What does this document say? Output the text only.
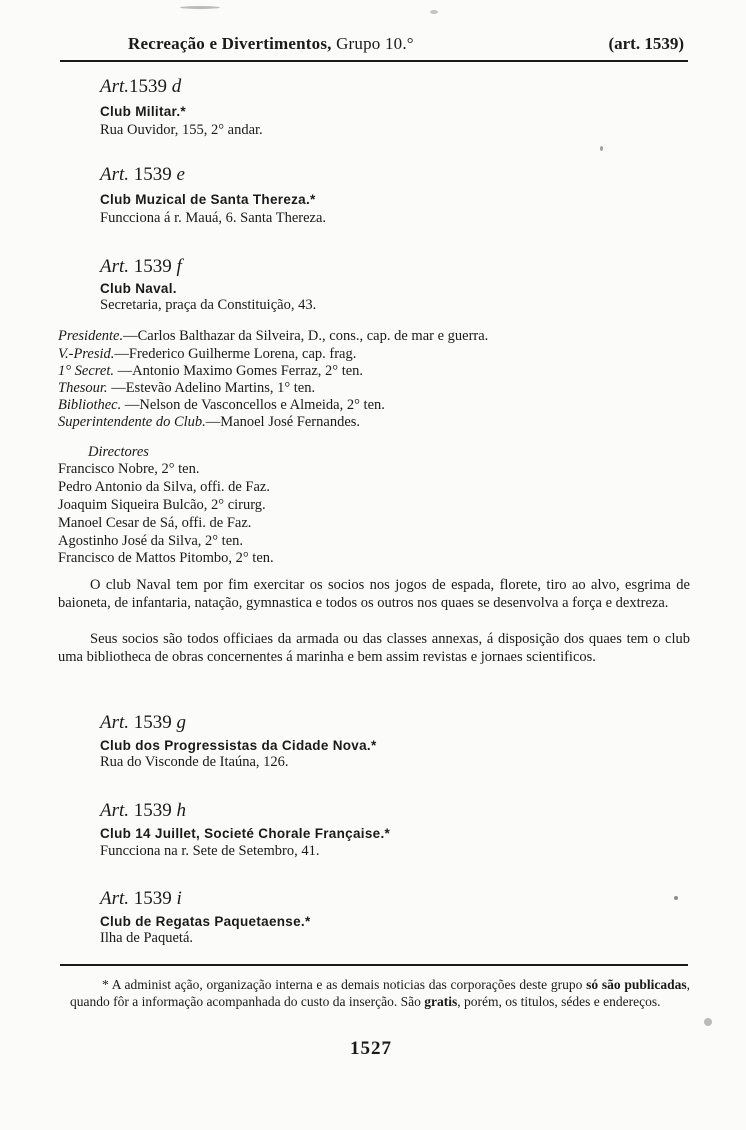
Recreação e Divertimentos, Grupo 10.°	(art. 1539)
Art.1539 d
Club Militar.*
Rua Ouvidor, 155, 2° andar.
Art. 1539 e
Club Muzical de Santa Thereza.*
Funcciona á r. Mauá, 6. Santa Thereza.
Art. 1539 f
Club Naval.
Secretaria, praça da Constituição, 43.
Presidente.—Carlos Balthazar da Silveira, D., cons., cap. de mar e guerra.
V.-Presid.—Frederico Guilherme Lorena, cap. frag.
1° Secret. —Antonio Maximo Gomes Ferraz, 2° ten.
Thesour. —Estevão Adelino Martins, 1° ten.
Bibliothec. —Nelson de Vasconcellos e Almeida, 2° ten.
Superintendente do Club.—Manoel José Fernandes.
Directores
Francisco Nobre, 2° ten.
Pedro Antonio da Silva, offi. de Faz.
Joaquim Siqueira Bulcão, 2° cirurg.
Manoel Cesar de Sá, offi. de Faz.
Agostinho José da Silva, 2° ten.
Francisco de Mattos Pitombo, 2° ten.
O club Naval tem por fim exercitar os socios nos jogos de espada, florete, tiro ao alvo, esgrima de baioneta, de infantaria, natação, gymnastica e todos os outros nos quaes se desenvolva a força e dextreza.
Seus socios são todos officiaes da armada ou das classes annexas, á disposição dos quaes tem o club uma bibliotheca de obras concernentes á marinha e bem assim revistas e jornaes scientificos.
Art. 1539 g
Club dos Progressistas da Cidade Nova.*
Rua do Visconde de Itaúna, 126.
Art. 1539 h
Club 14 Juillet, Societé Chorale Française.*
Funcciona na r. Sete de Setembro, 41.
Art. 1539 i
Club de Regatas Paquetaense.*
Ilha de Paquetá.
* A administ ação, organização interna e as demais noticias das corporações deste grupo só são publicadas, quando fôr a informação acompanhada do custo da inserção. São gratis, porém, os titulos, sédes e endereços.
1527
